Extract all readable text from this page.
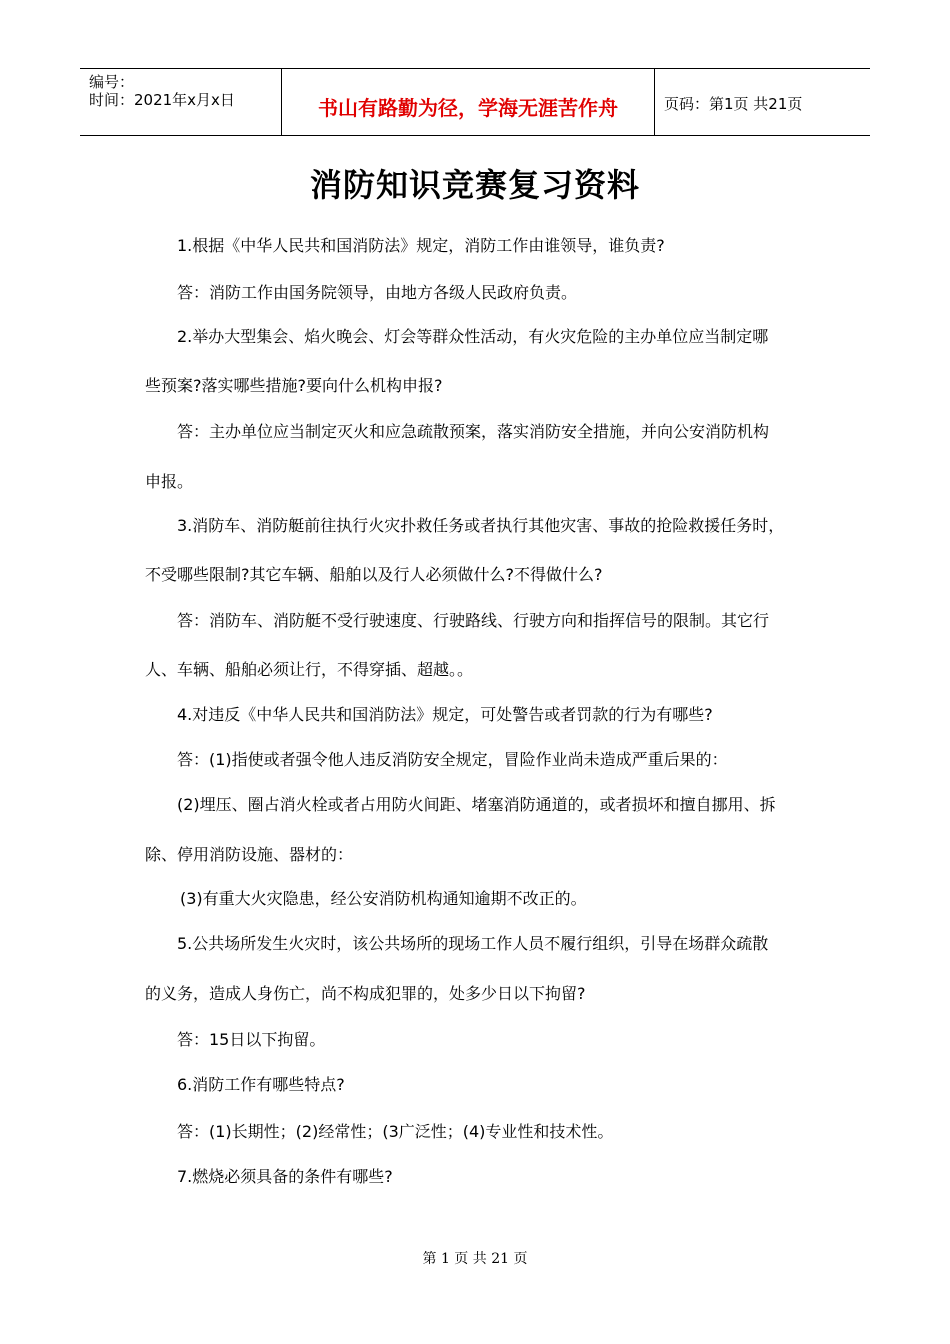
编号：
时间：2021年x月x日	书山有路勤为径，学海无涯苦作舟	页码：第1页 共21页
消防知识竞赛复习资料
1.根据《中华人民共和国消防法》规定，消防工作由谁领导，谁负责?
答：消防工作由国务院领导，由地方各级人民政府负责。
2.举办大型集会、焰火晚会、灯会等群众性活动，有火灾危险的主办单位应当制定哪
些预案?落实哪些措施?要向什么机构申报?
答：主办单位应当制定灭火和应急疏散预案，落实消防安全措施，并向公安消防机构
申报。
3.消防车、消防艇前往执行火灾扑救任务或者执行其他灾害、事故的抢险救援任务时，
不受哪些限制?其它车辆、船舶以及行人必须做什么?不得做什么?
答：消防车、消防艇不受行驶速度、行驶路线、行驶方向和指挥信号的限制。其它行
人、车辆、船舶必须让行，不得穿插、超越。。
4.对违反《中华人民共和国消防法》规定，可处警告或者罚款的行为有哪些?
答：(1)指使或者强令他人违反消防安全规定，冒险作业尚未造成严重后果的：
(2)埋压、圈占消火栓或者占用防火间距、堵塞消防通道的，或者损坏和擅自挪用、拆
除、停用消防设施、器材的：
(3)有重大火灾隐患，经公安消防机构通知逾期不改正的。
5.公共场所发生火灾时，该公共场所的现场工作人员不履行组织，引导在场群众疏散
的义务，造成人身伤亡，尚不构成犯罪的，处多少日以下拘留?
答：15日以下拘留。
6.消防工作有哪些特点?
答：(1)长期性；(2)经常性；(3广泛性；(4)专业性和技术性。
7.燃烧必须具备的条件有哪些?
第 1 页 共 21 页
